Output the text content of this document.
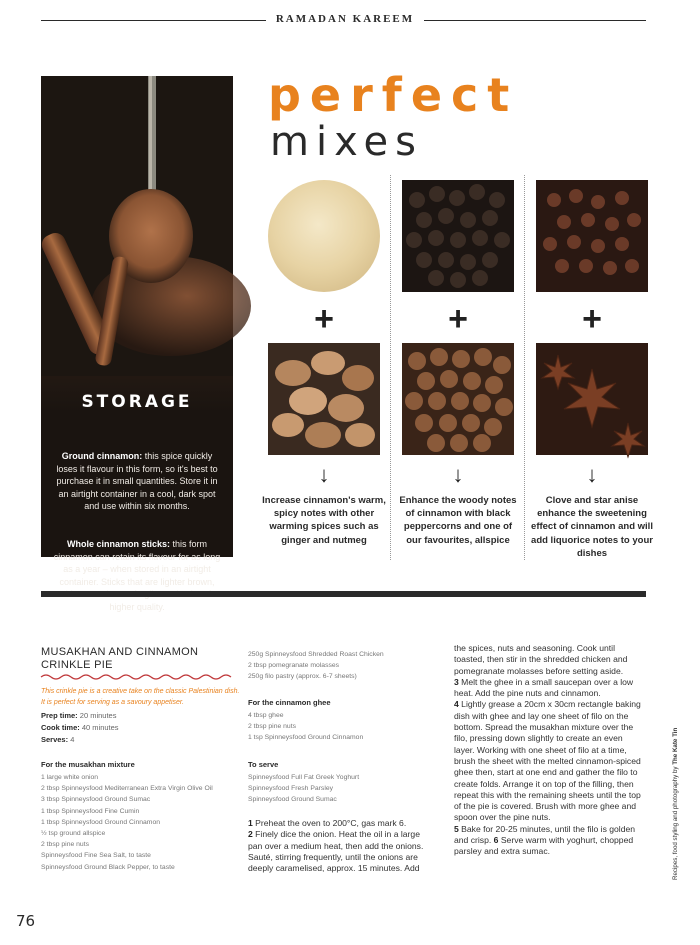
RAMADAN KAREEM
STORAGE
Ground cinnamon: this spice quickly loses it flavour in this form, so it's best to purchase it in small quantities. Store it in an airtight container in a cool, dark spot and use within six months.
Whole cinnamon sticks: this form cinnamon can retain its flavour for as long as a year – when stored in an airtight container. Sticks that are lighter brown, higher quality.
perfect
mixes
+
↓
Increase cinnamon's warm, spicy notes with other warming spices such as ginger and nutmeg
+
↓
Enhance the woody notes of cinnamon with black peppercorns and one of our favourites, allspice
+
↓
Clove and star anise enhance the sweetening effect of cinnamon and will add liquorice notes to your dishes
MUSAKHAN AND CINNAMON CRINKLE PIE
This crinkle pie is a creative take on the classic Palestinian dish. It is perfect for serving as a savoury appetiser.
Prep time: 20 minutes
Cook time: 40 minutes
Serves: 4
For the musakhan mixture
1 large white onion
2 tbsp Spinneysfood Mediterranean Extra Virgin Olive Oil
3 tbsp Spinneysfood Ground Sumac
1 tbsp Spinneysfood Fine Cumin
1 tbsp Spinneysfood Ground Cinnamon
½ tsp ground allspice
2 tbsp pine nuts
Spinneysfood Fine Sea Salt, to taste
Spinneysfood Ground Black Pepper, to taste
250g Spinneysfood Shredded Roast Chicken
2 tbsp pomegranate molasses
250g filo pastry (approx. 6-7 sheets)
For the cinnamon ghee
4 tbsp ghee
2 tbsp pine nuts
1 tsp Spinneysfood Ground Cinnamon
To serve
Spinneysfood Full Fat Greek Yoghurt
Spinneysfood Fresh Parsley
Spinneysfood Ground Sumac
1 Preheat the oven to 200°C, gas mark 6.
2 Finely dice the onion. Heat the oil in a large pan over a medium heat, then add the onions. Sauté, stirring frequently, until the onions are deeply caramelised, approx. 15 minutes. Add
the spices, nuts and seasoning. Cook until toasted, then stir in the shredded chicken and pomegranate molasses before setting aside.
3 Melt the ghee in a small saucepan over a low heat. Add the pine nuts and cinnamon.
4 Lightly grease a 20cm x 30cm rectangle baking dish with ghee and lay one sheet of filo on the bottom. Spread the musakhan mixture over the filo, pressing down slightly to create an even layer. Working with one sheet of filo at a time, brush the sheet with the melted cinnamon-spiced ghee then, start at one end and gather the filo to create folds. Arrange it on top of the filling, then repeat this with the remaining sheets until the top of the pie is covered. Brush with more ghee and spoon over the pine nuts.
5 Bake for 20-25 minutes, until the filo is golden and crisp. 6 Serve warm with yoghurt, chopped parsley and extra sumac.	Recipes, food styling and photography by The Kate Tin
76
